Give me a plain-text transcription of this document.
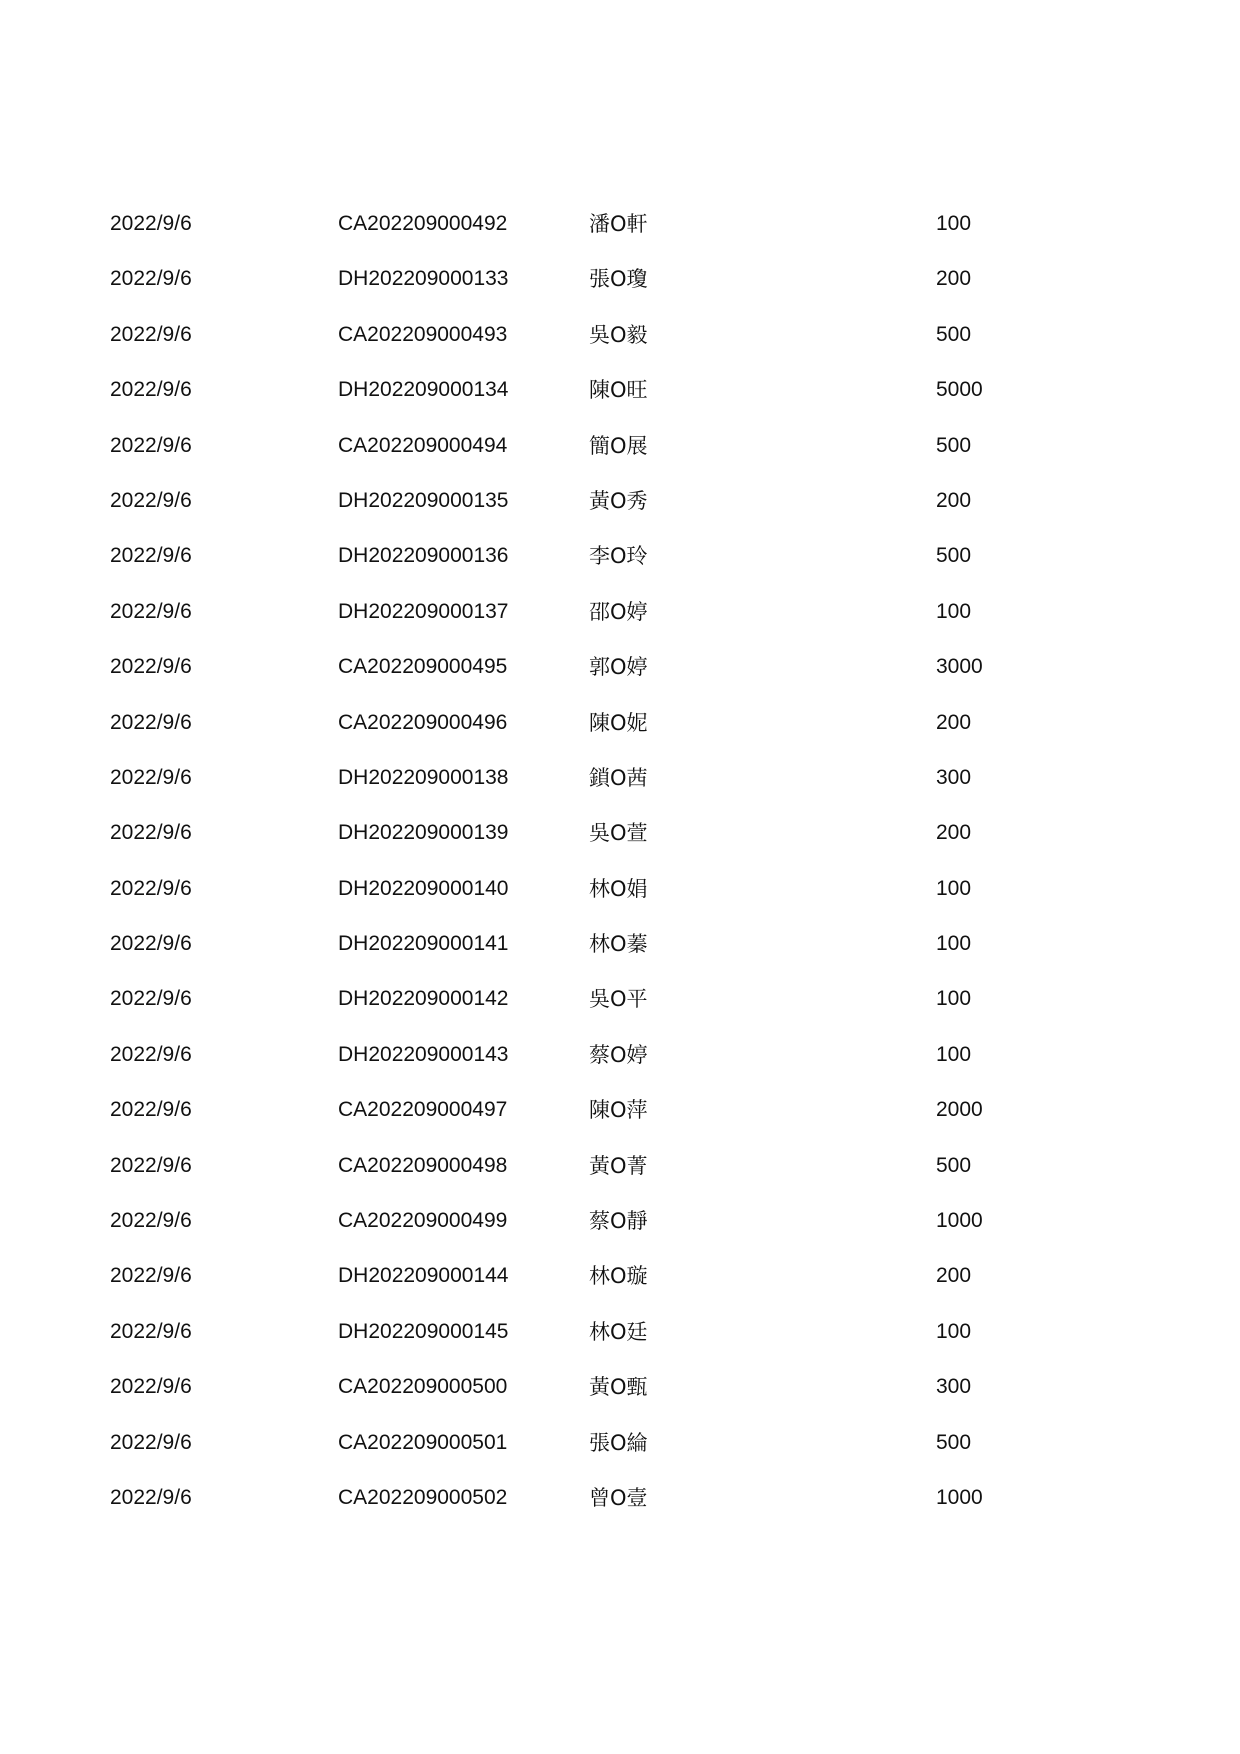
2022/9/6	CA202209000492	潘O軒	100
2022/9/6	DH202209000133	張O瓊	200
2022/9/6	CA202209000493	吳O毅	500
2022/9/6	DH202209000134	陳O旺	5000
2022/9/6	CA202209000494	簡O展	500
2022/9/6	DH202209000135	黃O秀	200
2022/9/6	DH202209000136	李O玲	500
2022/9/6	DH202209000137	邵O婷	100
2022/9/6	CA202209000495	郭O婷	3000
2022/9/6	CA202209000496	陳O妮	200
2022/9/6	DH202209000138	鎖O茜	300
2022/9/6	DH202209000139	吳O萱	200
2022/9/6	DH202209000140	林O娟	100
2022/9/6	DH202209000141	林O蓁	100
2022/9/6	DH202209000142	吳O平	100
2022/9/6	DH202209000143	蔡O婷	100
2022/9/6	CA202209000497	陳O萍	2000
2022/9/6	CA202209000498	黃O菁	500
2022/9/6	CA202209000499	蔡O靜	1000
2022/9/6	DH202209000144	林O璇	200
2022/9/6	DH202209000145	林O廷	100
2022/9/6	CA202209000500	黃O甄	300
2022/9/6	CA202209000501	張O綸	500
2022/9/6	CA202209000502	曾O壹	1000
